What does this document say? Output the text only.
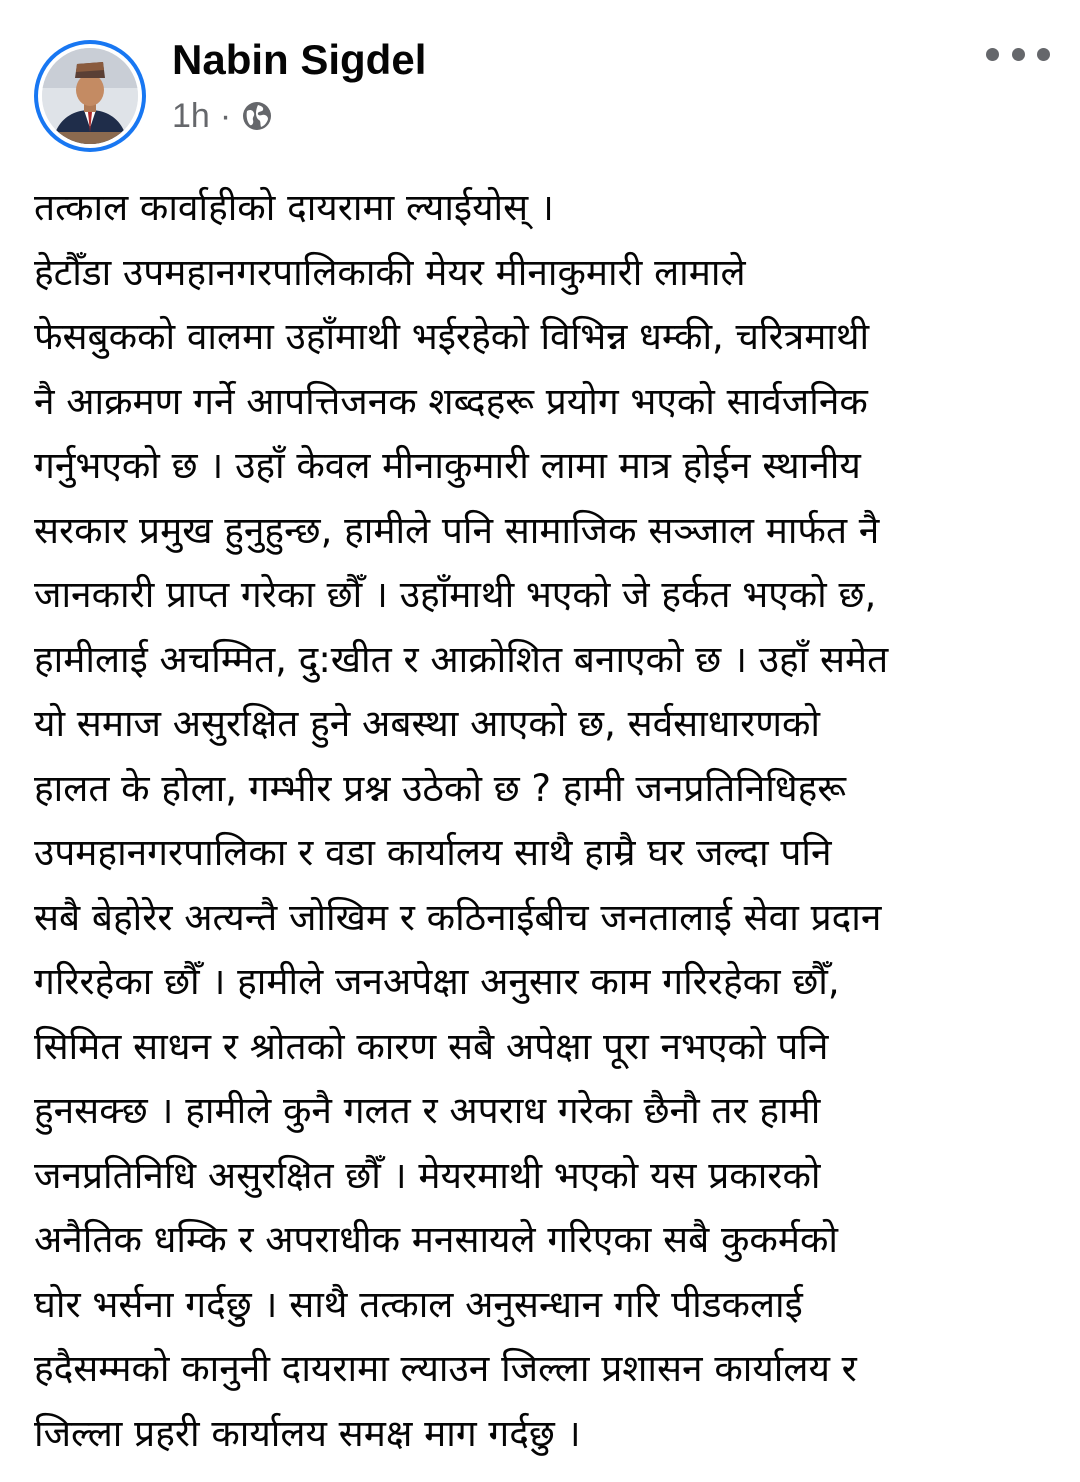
Nabin Sigdel
1h ·
तत्काल कार्वाहीको दायरामा ल्याईयोस् ।
हेटौँडा उपमहानगरपालिकाकी मेयर मीनाकुमारी लामाले
फेसबुकको वालमा उहाँमाथी भईरहेको विभिन्न धम्की, चरित्रमाथी
नै आक्रमण गर्ने आपत्तिजनक शब्दहरू प्रयोग भएको सार्वजनिक
गर्नुभएको छ । उहाँ केवल मीनाकुमारी लामा मात्र होईन स्थानीय
सरकार प्रमुख हुनुहुन्छ, हामीले पनि सामाजिक सञ्जाल मार्फत नै
जानकारी प्राप्त गरेका छौँ । उहाँमाथी भएको जे हर्कत भएको छ,
हामीलाई अचम्मित, दु:खीत र आक्रोशित बनाएको छ । उहाँ समेत
यो समाज असुरक्षित हुने अबस्था आएको छ, सर्वसाधारणको
हालत के होला, गम्भीर प्रश्न उठेको छ ? हामी जनप्रतिनिधिहरू
उपमहानगरपालिका र वडा कार्यालय साथै हाम्रै घर जल्दा पनि
सबै बेहोरेर अत्यन्तै जोखिम र कठिनाईबीच जनतालाई सेवा प्रदान
गरिरहेका छौँ । हामीले जनअपेक्षा अनुसार काम गरिरहेका छौँ,
सिमित साधन र श्रोतको कारण सबै अपेक्षा पूरा नभएको पनि
हुनसक्छ । हामीले कुनै गलत र अपराध गरेका छैनौ तर हामी
जनप्रतिनिधि असुरक्षित छौँ । मेयरमाथी भएको यस प्रकारको
अनैतिक धम्कि र अपराधीक मनसायले गरिएका सबै कुकर्मको
घोर भर्सना गर्दछु । साथै तत्काल अनुसन्धान गरि पीडकलाई
हदैसम्मको कानुनी दायरामा ल्याउन जिल्ला प्रशासन कार्यालय र
जिल्ला प्रहरी कार्यालय समक्ष माग गर्दछु ।
